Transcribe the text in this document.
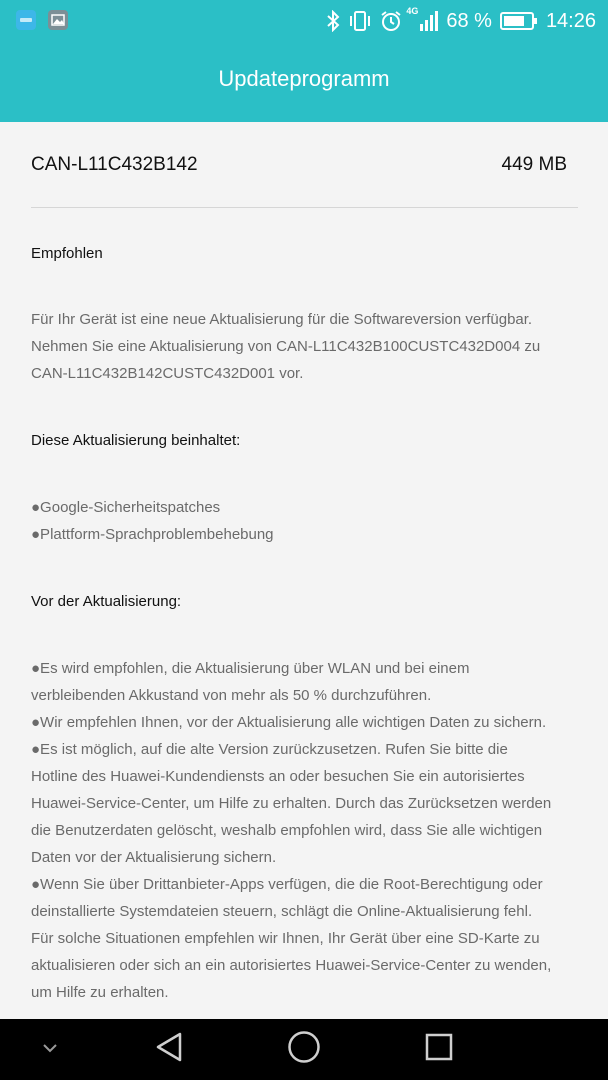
4G 68 %	14:26
Updateprogramm
CAN-L11C432B142	449 MB
Empfohlen
Für Ihr Gerät ist eine neue Aktualisierung für die Softwareversion verfügbar.
Nehmen Sie eine Aktualisierung von CAN-L11C432B100CUSTC432D004 zu
CAN-L11C432B142CUSTC432D001 vor.
Diese Aktualisierung beinhaltet:
●Google-Sicherheitspatches
●Plattform-Sprachproblembehebung
Vor der Aktualisierung:
●Es wird empfohlen, die Aktualisierung über WLAN und bei einem
verbleibenden Akkustand von mehr als 50 % durchzuführen.
●Wir empfehlen Ihnen, vor der Aktualisierung alle wichtigen Daten zu sichern.
●Es ist möglich, auf die alte Version zurückzusetzen. Rufen Sie bitte die
Hotline des Huawei-Kundendiensts an oder besuchen Sie ein autorisiertes
Huawei-Service-Center, um Hilfe zu erhalten. Durch das Zurücksetzen werden
die Benutzerdaten gelöscht, weshalb empfohlen wird, dass Sie alle wichtigen
Daten vor der Aktualisierung sichern.
●Wenn Sie über Drittanbieter-Apps verfügen, die die Root-Berechtigung oder
deinstallierte Systemdateien steuern, schlägt die Online-Aktualisierung fehl.
Für solche Situationen empfehlen wir Ihnen, Ihr Gerät über eine SD-Karte zu
aktualisieren oder sich an ein autorisiertes Huawei-Service-Center zu wenden,
um Hilfe zu erhalten.
